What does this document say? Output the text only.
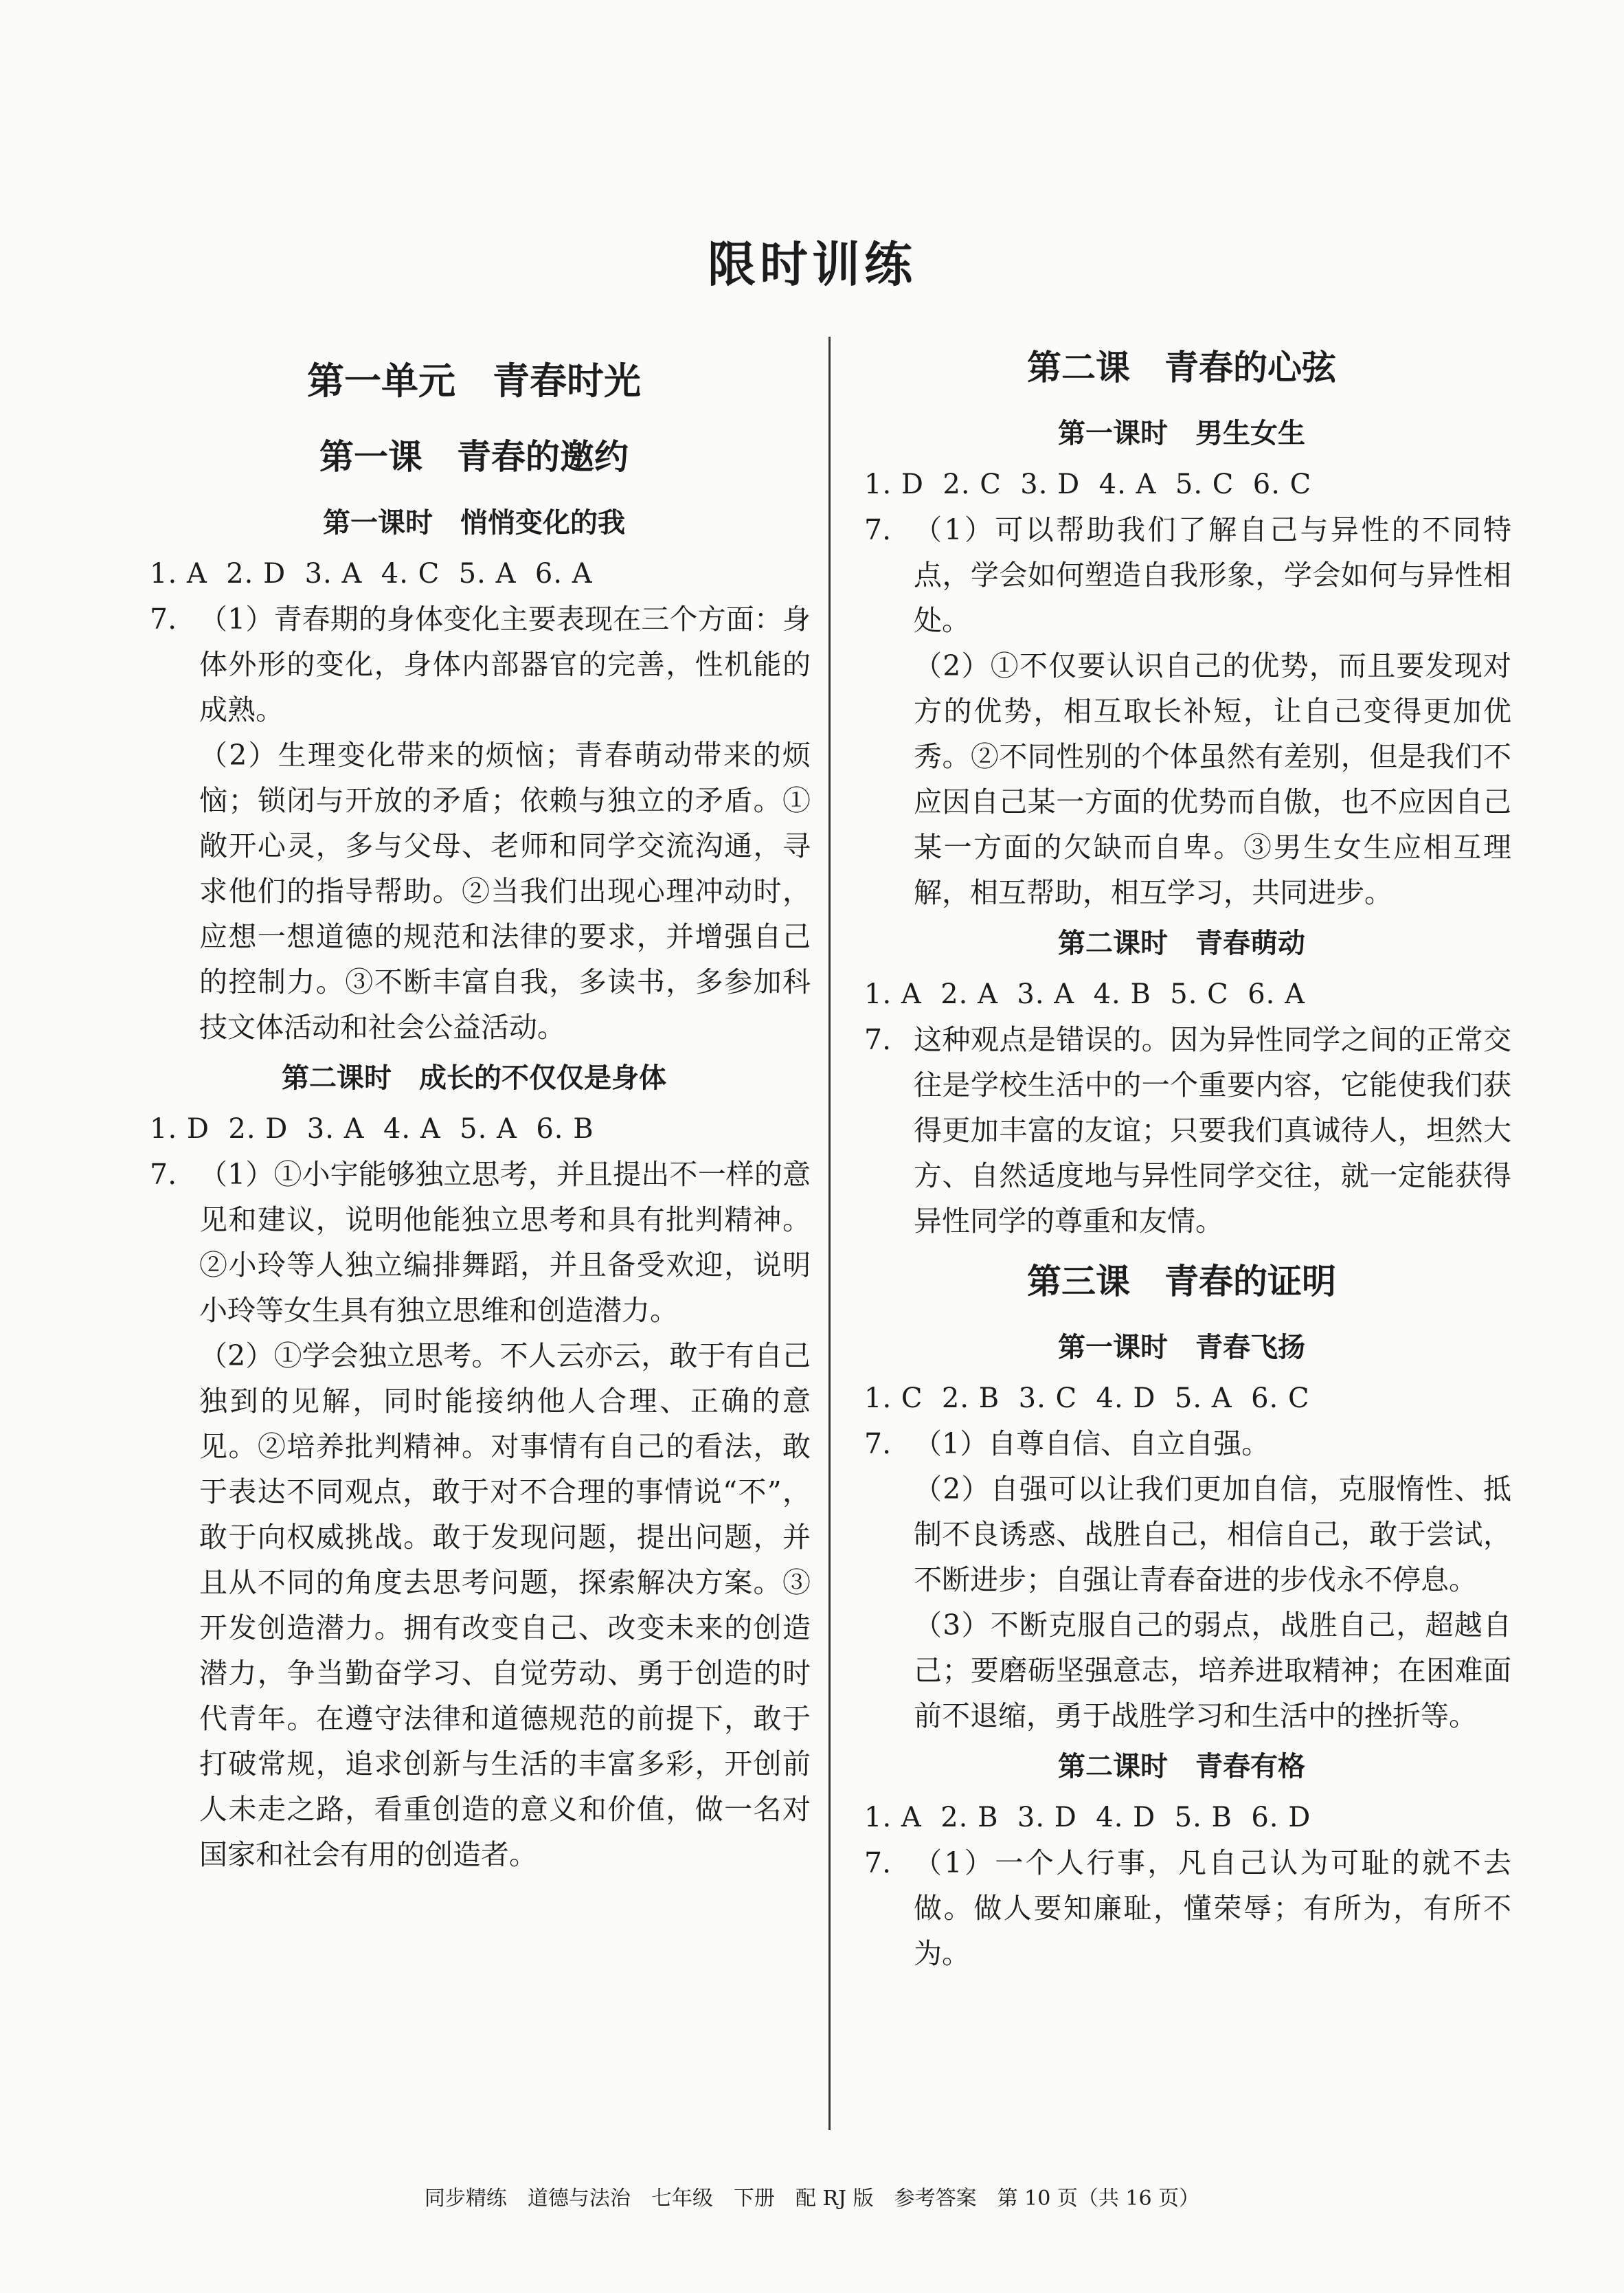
限时训练

第一单元　青春时光

第一课　青春的邀约

第一课时　悄悄变化的我

1. A  2. D  3. A  4. C  5. A  6. A

7. （1）青春期的身体变化主要表现在三个方面：身体外形的变化，身体内部器官的完善，性机能的成熟。

（2）生理变化带来的烦恼；青春萌动带来的烦恼；锁闭与开放的矛盾；依赖与独立的矛盾。①敞开心灵，多与父母、老师和同学交流沟通，寻求他们的指导帮助。②当我们出现心理冲动时，应想一想道德的规范和法律的要求，并增强自己的控制力。③不断丰富自我，多读书，多参加科技文体活动和社会公益活动。

第二课时　成长的不仅仅是身体

1. D  2. D  3. A  4. A  5. A  6. B

7. （1）①小宇能够独立思考，并且提出不一样的意见和建议，说明他能独立思考和具有批判精神。②小玲等人独立编排舞蹈，并且备受欢迎，说明小玲等女生具有独立思维和创造潜力。

（2）①学会独立思考。不人云亦云，敢于有自己独到的见解，同时能接纳他人合理、正确的意见。②培养批判精神。对事情有自己的看法，敢于表达不同观点，敢于对不合理的事情说“不”，敢于向权威挑战。敢于发现问题，提出问题，并且从不同的角度去思考问题，探索解决方案。③开发创造潜力。拥有改变自己、改变未来的创造潜力，争当勤奋学习、自觉劳动、勇于创造的时代青年。在遵守法律和道德规范的前提下，敢于打破常规，追求创新与生活的丰富多彩，开创前人未走之路，看重创造的意义和价值，做一名对国家和社会有用的创造者。

第二课　青春的心弦

第一课时　男生女生

1. D  2. C  3. D  4. A  5. C  6. C

7. （1）可以帮助我们了解自己与异性的不同特点，学会如何塑造自我形象，学会如何与异性相处。

（2）①不仅要认识自己的优势，而且要发现对方的优势，相互取长补短，让自己变得更加优秀。②不同性别的个体虽然有差别，但是我们不应因自己某一方面的优势而自傲，也不应因自己某一方面的欠缺而自卑。③男生女生应相互理解，相互帮助，相互学习，共同进步。

第二课时　青春萌动

1. A  2. A  3. A  4. B  5. C  6. A

7. 这种观点是错误的。因为异性同学之间的正常交往是学校生活中的一个重要内容，它能使我们获得更加丰富的友谊；只要我们真诚待人，坦然大方、自然适度地与异性同学交往，就一定能获得异性同学的尊重和友情。

第三课　青春的证明

第一课时　青春飞扬

1. C  2. B  3. C  4. D  5. A  6. C

7. （1）自尊自信、自立自强。

（2）自强可以让我们更加自信，克服惰性、抵制不良诱惑、战胜自己，相信自己，敢于尝试，不断进步；自强让青春奋进的步伐永不停息。

（3）不断克服自己的弱点，战胜自己，超越自己；要磨砺坚强意志，培养进取精神；在困难面前不退缩，勇于战胜学习和生活中的挫折等。

第二课时　青春有格

1. A  2. B  3. D  4. D  5. B  6. D

7. （1）一个人行事，凡自己认为可耻的就不去做。做人要知廉耻，懂荣辱；有所为，有所不为。

同步精练　道德与法治　七年级　下册　配 RJ 版　参考答案　第 10 页（共 16 页）
